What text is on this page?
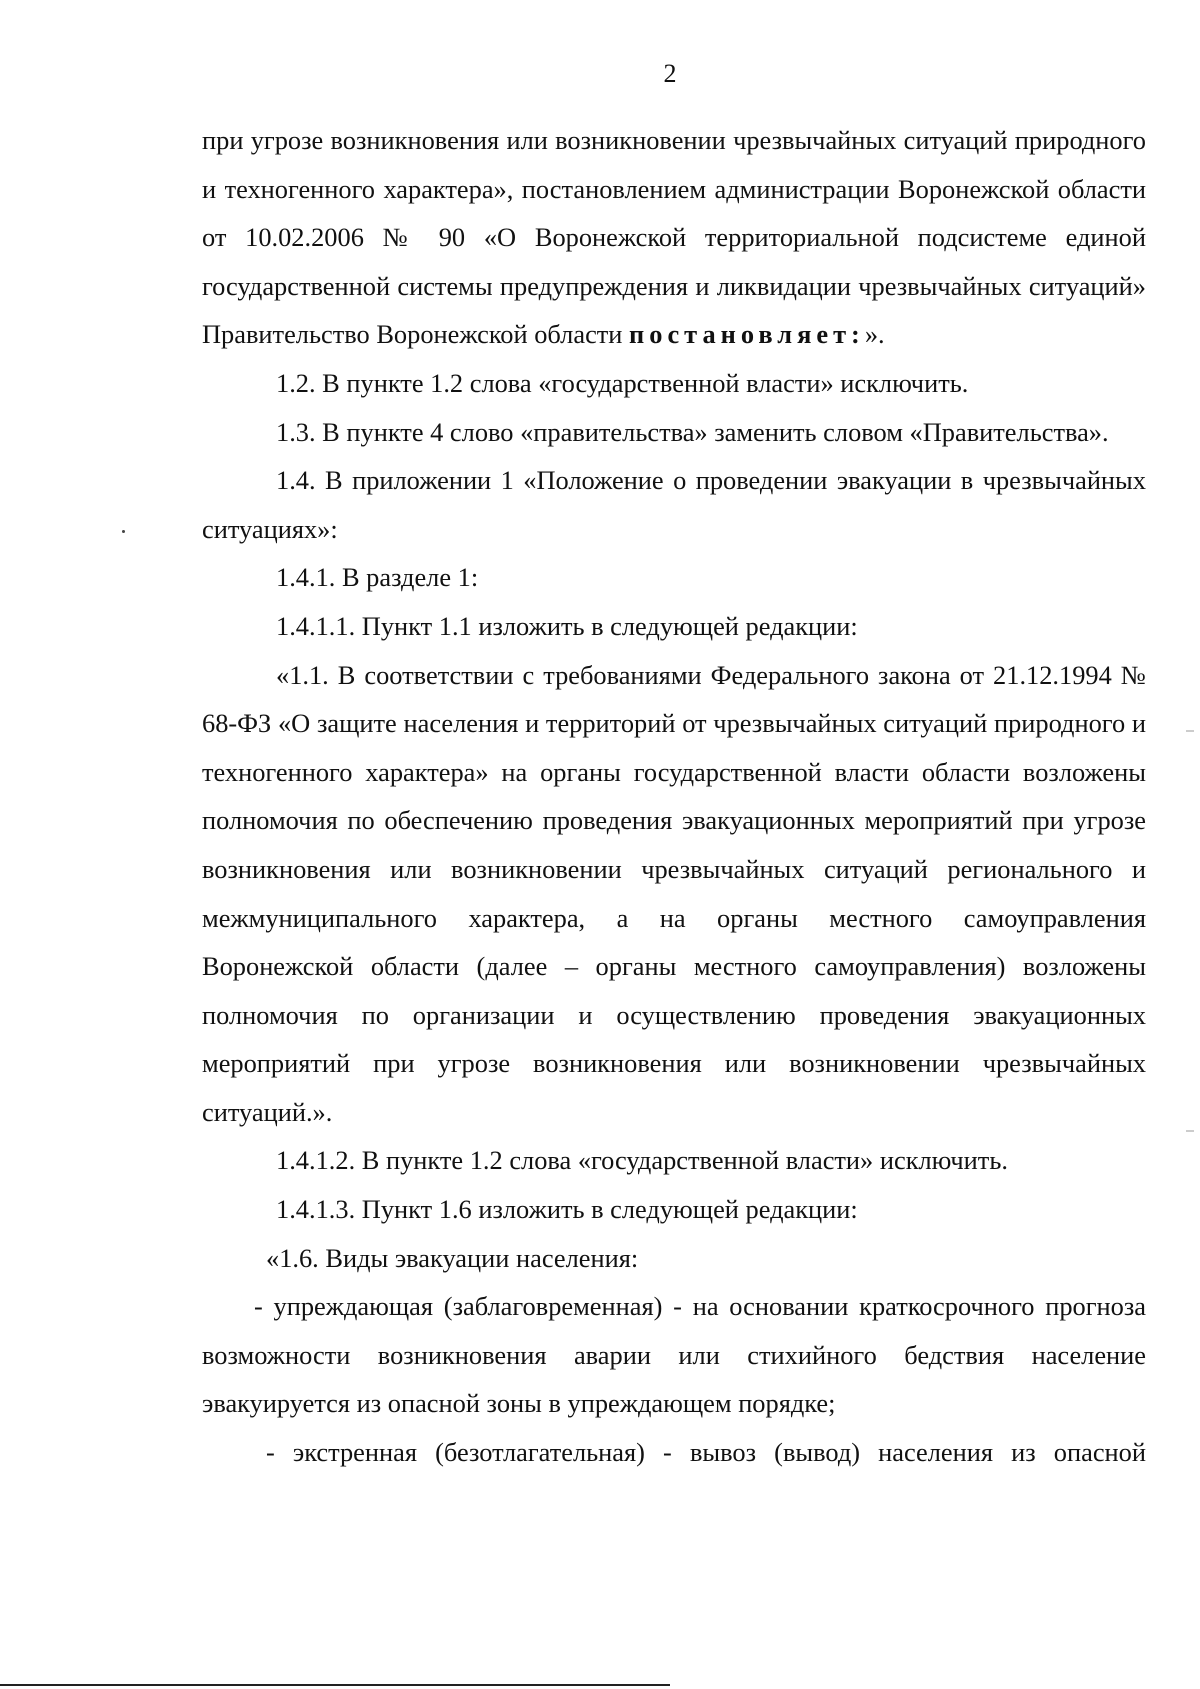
2

при угрозе возникновения или возникновении чрезвычайных ситуаций природного и техногенного характера», постановлением администрации Воронежской области от 10.02.2006 № 90 «О Воронежской территориальной подсистеме единой государственной системы предупреждения и ликвидации чрезвычайных ситуаций» Правительство Воронежской области постановляет:».

1.2. В пункте 1.2 слова «государственной власти» исключить.

1.3. В пункте 4 слово «правительства» заменить словом «Правительства».

1.4. В приложении 1 «Положение о проведении эвакуации в чрезвычайных ситуациях»:

1.4.1. В разделе 1:

1.4.1.1. Пункт 1.1 изложить в следующей редакции:

«1.1. В соответствии с требованиями Федерального закона от 21.12.1994 № 68-ФЗ «О защите населения и территорий от чрезвычайных ситуаций природного и техногенного характера» на органы государственной власти области возложены полномочия по обеспечению проведения эвакуационных мероприятий при угрозе возникновения или возникновении чрезвычайных ситуаций регионального и межмуниципального характера, а на органы местного самоуправления Воронежской области (далее – органы местного самоуправления) возложены полномочия по организации и осуществлению проведения эвакуационных мероприятий при угрозе возникновения или возникновении чрезвычайных ситуаций.».

1.4.1.2. В пункте 1.2 слова «государственной власти» исключить.

1.4.1.3. Пункт 1.6 изложить в следующей редакции:

«1.6. Виды эвакуации населения:

- упреждающая (заблаговременная) - на основании краткосрочного прогноза возможности возникновения аварии или стихийного бедствия население эвакуируется из опасной зоны в упреждающем порядке;

- экстренная (безотлагательная) - вывоз (вывод) населения из опасной
